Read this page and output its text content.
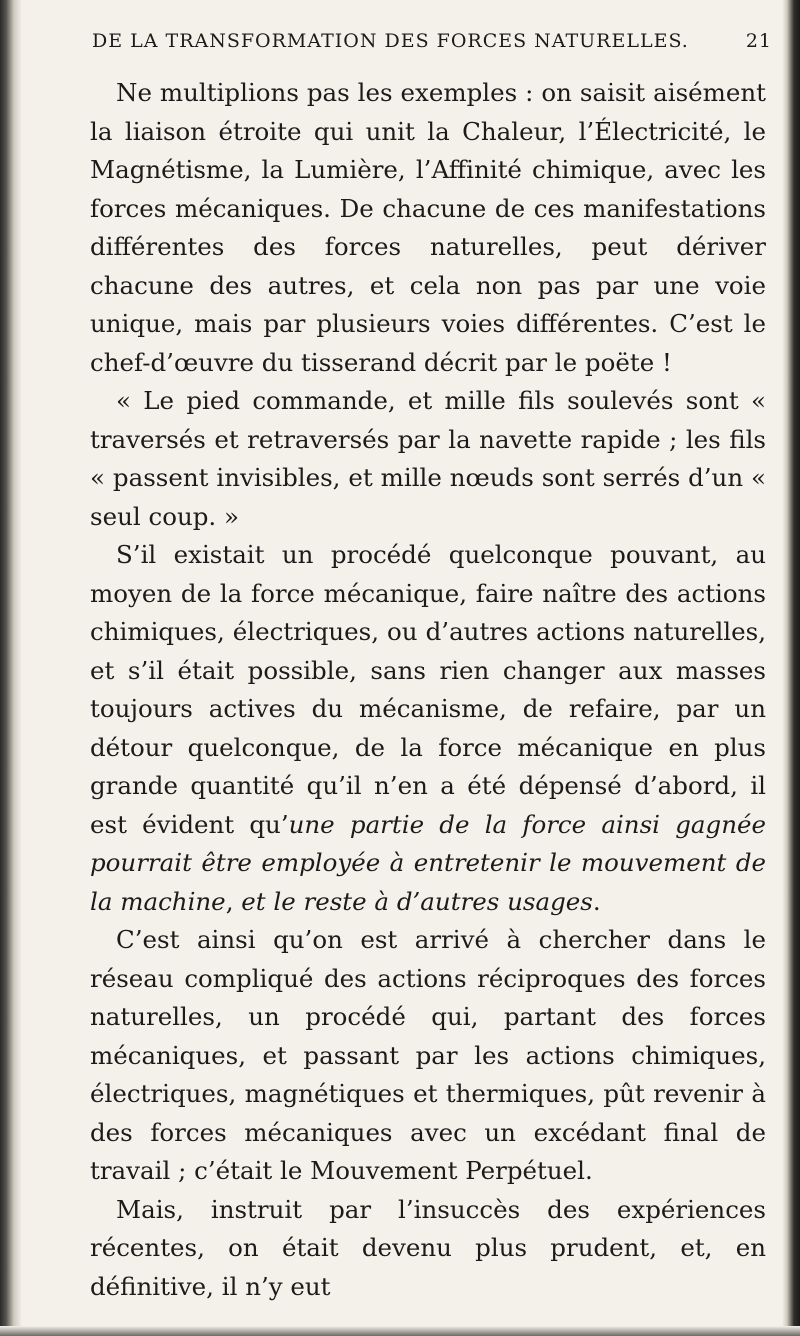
DE LA TRANSFORMATION DES FORCES NATURELLES.	21

Ne multiplions pas les exemples : on saisit aisément la liaison étroite qui unit la Chaleur, l’Électricité, le Magnétisme, la Lumière, l’Affinité chimique, avec les forces mécaniques. De chacune de ces manifestations différentes des forces naturelles, peut dériver chacune des autres, et cela non pas par une voie unique, mais par plusieurs voies différentes. C’est le chef-d’œuvre du tisserand décrit par le poëte !

« Le pied commande, et mille fils soulevés sont « traversés et retraversés par la navette rapide ; les fils « passent invisibles, et mille nœuds sont serrés d’un « seul coup. »

S’il existait un procédé quelconque pouvant, au moyen de la force mécanique, faire naître des actions chimiques, électriques, ou d’autres actions naturelles, et s’il était possible, sans rien changer aux masses toujours actives du mécanisme, de refaire, par un détour quelconque, de la force mécanique en plus grande quantité qu’il n’en a été dépensé d’abord, il est évident qu’une partie de la force ainsi gagnée pourrait être employée à entretenir le mouvement de la machine, et le reste à d’autres usages.

C’est ainsi qu’on est arrivé à chercher dans le réseau compliqué des actions réciproques des forces naturelles, un procédé qui, partant des forces mécaniques, et passant par les actions chimiques, électriques, magnétiques et thermiques, pût revenir à des forces mécaniques avec un excédant final de travail ; c’était le Mouvement Perpétuel.

Mais, instruit par l’insuccès des expériences récentes, on était devenu plus prudent, et, en définitive, il n’y eut
